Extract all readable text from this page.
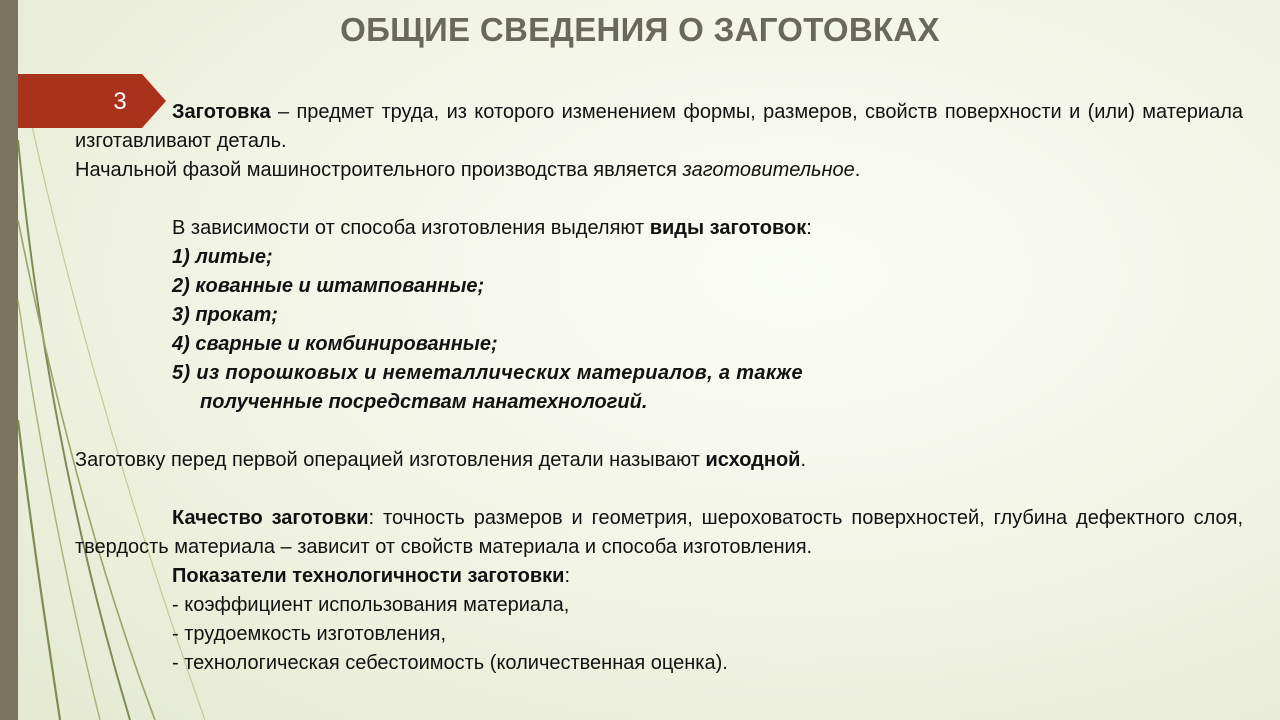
ОБЩИЕ СВЕДЕНИЯ О ЗАГОТОВКАХ
3	Заготовка – предмет труда, из которого изменением формы, размеров, свойств поверхности и (или) материала изготавливают деталь.

Начальной фазой машиностроительного производства является заготовительное.

В зависимости от способа изготовления выделяют виды заготовок:

1) литые;

2) кованные и штампованные;

3) прокат;

4) сварные и комбинированные;

5) из порошковых и неметаллических материалов, а также

полученные посредствам нанатехнологий.

Заготовку перед первой операцией изготовления детали называют исходной.

Качество заготовки: точность размеров и геометрия, шероховатость поверхностей, глубина дефектного слоя, твердость материала – зависит от свойств материала и способа изготовления.

Показатели технологичности заготовки:

- коэффициент использования материала,

- трудоемкость изготовления,

- технологическая себестоимость (количественная оценка).
